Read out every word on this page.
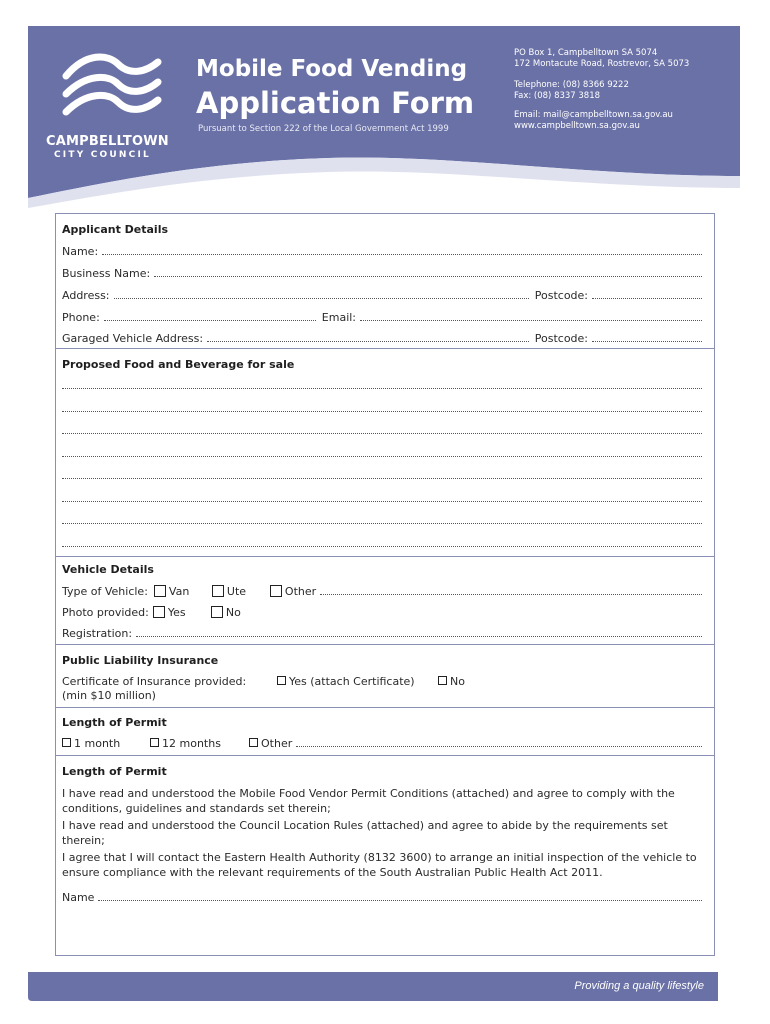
CAMPBELLTOWN
CITY COUNCIL
Mobile Food Vending
Application Form
Pursuant to Section 222 of the Local Government Act 1999
PO Box 1, Campbelltown SA 5074
172 Montacute Road, Rostrevor, SA 5073
Telephone: (08) 8366 9222
Fax: (08) 8337 3818
Email: mail@campbelltown.sa.gov.au
www.campbelltown.sa.gov.au
Applicant Details
Name:
Business Name:
Address:	Postcode:
Phone:	Email:
Garaged Vehicle Address:	Postcode:
Proposed Food and Beverage for sale
Vehicle Details
Type of Vehicle:	Van	Ute	Other
Photo provided:	Yes	No
Registration:
Public Liability Insurance
Certificate of Insurance provided:	Yes (attach Certificate)	No
(min $10 million)
Length of Permit
1 month	12 months	Other
Length of Permit
I have read and understood the Mobile Food Vendor Permit Conditions (attached) and agree to comply with the conditions, guidelines and standards set therein;
I have read and understood the Council Location Rules (attached) and agree to abide by the requirements set therein;
I agree that I will contact the Eastern Health Authority (8132 3600) to arrange an initial inspection of the vehicle to ensure compliance with the relevant requirements of the South Australian Public Health Act 2011.
Name
Providing a quality lifestyle
